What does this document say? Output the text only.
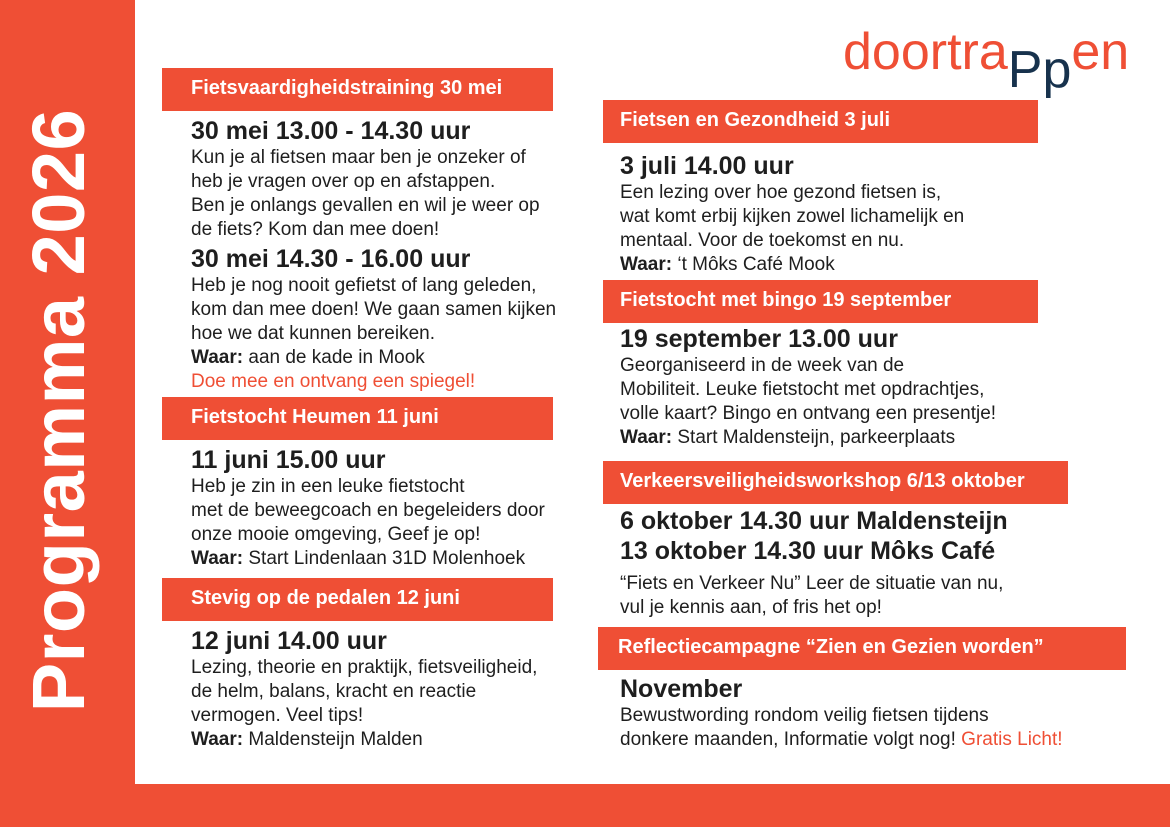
Programma 2026
doortraPpen
Fietsvaardigheidstraining 30 mei
30 mei 13.00 - 14.30 uur
Kun je al fietsen maar ben je onzeker of
heb je vragen over op en afstappen.
Ben je onlangs gevallen en wil je weer op
de fiets? Kom dan mee doen!
30 mei 14.30 - 16.00 uur
Heb je nog nooit gefietst of lang geleden,
kom dan mee doen! We gaan samen kijken
hoe we dat kunnen bereiken.
Waar: aan de kade in Mook
Doe mee en ontvang een spiegel!
Fietstocht Heumen 11 juni
11 juni 15.00 uur
Heb je zin in een leuke fietstocht
met de beweegcoach en begeleiders door
onze mooie omgeving, Geef je op!
Waar: Start Lindenlaan 31D Molenhoek
Stevig op de pedalen 12 juni
12 juni 14.00 uur
Lezing, theorie en praktijk, fietsveiligheid,
de helm, balans, kracht en reactie
vermogen. Veel tips!
Waar: Maldensteijn Malden
Fietsen en Gezondheid 3 juli
3 juli 14.00 uur
Een lezing over hoe gezond fietsen is,
wat komt erbij kijken zowel lichamelijk en
mentaal. Voor de toekomst en nu.
Waar: ‘t Môks Café Mook
Fietstocht met bingo 19 september
19 september 13.00 uur
Georganiseerd in de week van de
Mobiliteit. Leuke fietstocht met opdrachtjes,
volle kaart? Bingo en ontvang een presentje!
Waar: Start Maldensteijn, parkeerplaats
Verkeersveiligheidsworkshop 6/13 oktober
6 oktober 14.30 uur Maldensteijn
13 oktober 14.30 uur Môks Café
“Fiets en Verkeer Nu” Leer de situatie van nu,
vul je kennis aan, of fris het op!
Reflectiecampagne “Zien en Gezien worden”
November
Bewustwording rondom veilig fietsen tijdens
donkere maanden, Informatie volgt nog! Gratis Licht!
